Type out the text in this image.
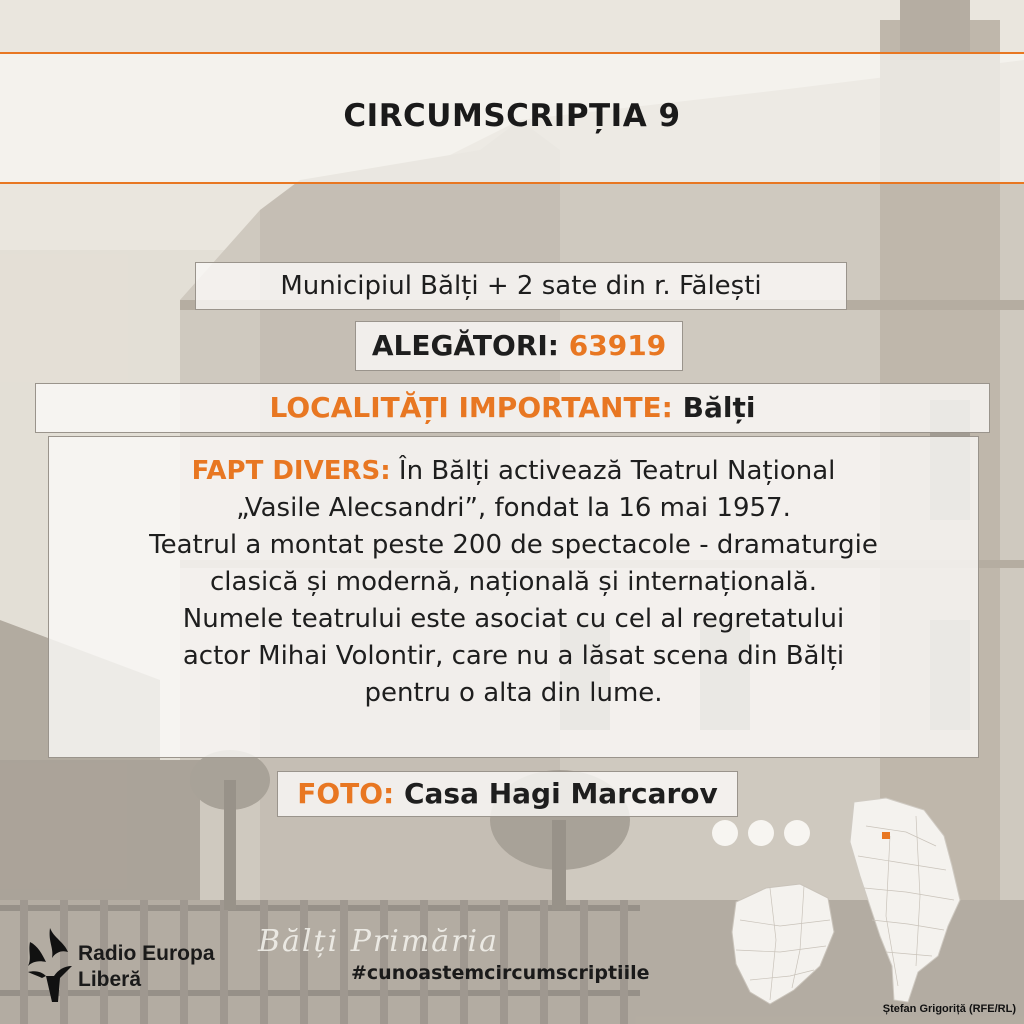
CIRCUMSCRIPȚIA 9
Municipiul Bălți + 2 sate din r. Fălești
ALEGĂTORI: 63919
LOCALITĂȚI IMPORTANTE: Bălți
FAPT DIVERS: În Bălți activează Teatrul Național
„Vasile Alecsandri”, fondat la 16 mai 1957.
Teatrul a montat peste 200 de spectacole - dramaturgie
clasică și modernă, națională și internațională.
Numele teatrului este asociat cu cel al regretatului
actor Mihai Volontir, care nu a lăsat scena din Bălți
pentru o alta din lume.
FOTO: Casa Hagi Marcarov
Bălți Primăria
Radio Europa
Liberă	#cunoastemcircumscriptiile
Ștefan Grigoriță (RFE/RL)
